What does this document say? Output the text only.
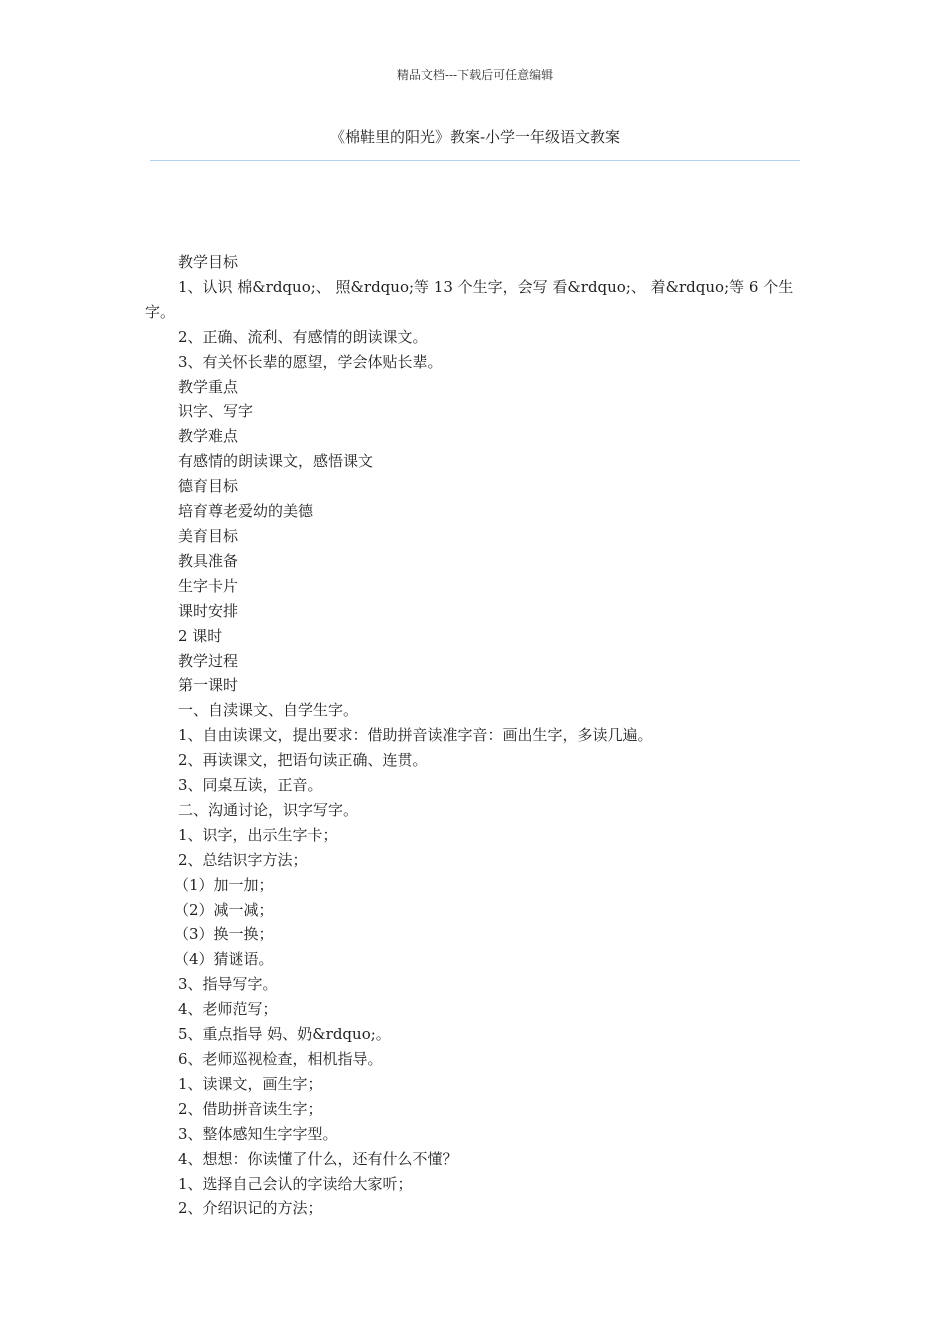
精品文档---下载后可任意编辑
《棉鞋里的阳光》教案-小学一年级语文教案
＿＿＿＿＿＿＿＿＿＿＿＿＿＿＿＿＿＿＿＿＿＿＿＿＿＿＿＿＿＿＿＿＿＿＿＿＿＿＿＿＿＿＿＿＿＿＿＿＿＿
教学目标
1、认识 棉&rdquo;、 照&rdquo;等 13 个生字，会写 看&rdquo;、 着&rdquo;等 6 个生字。
2、正确、流利、有感情的朗读课文。
3、有关怀长辈的愿望，学会体贴长辈。
教学重点
识字、写字
教学难点
有感情的朗读课文，感悟课文
德育目标
培育尊老爱幼的美德
美育目标
教具准备
生字卡片
课时安排
2 课时
教学过程
第一课时
一、自渎课文、自学生字。
1、自由读课文，提出要求：借助拼音读准字音：画出生字，多读几遍。
2、再读课文，把语句读正确、连贯。
3、同桌互读，正音。
二、沟通讨论，识字写字。
1、识字，出示生字卡；
2、总结识字方法；
（1）加一加；
（2）减一减；
（3）换一换；
（4）猜谜语。
3、指导写字。
4、老师范写；
5、重点指导 妈、奶&rdquo;。
6、老师巡视检查，相机指导。
1、读课文，画生字；
2、借助拼音读生字；
3、整体感知生字字型。
4、想想：你读懂了什么，还有什么不懂？
1、选择自己会认的字读给大家听；
2、介绍识记的方法；
